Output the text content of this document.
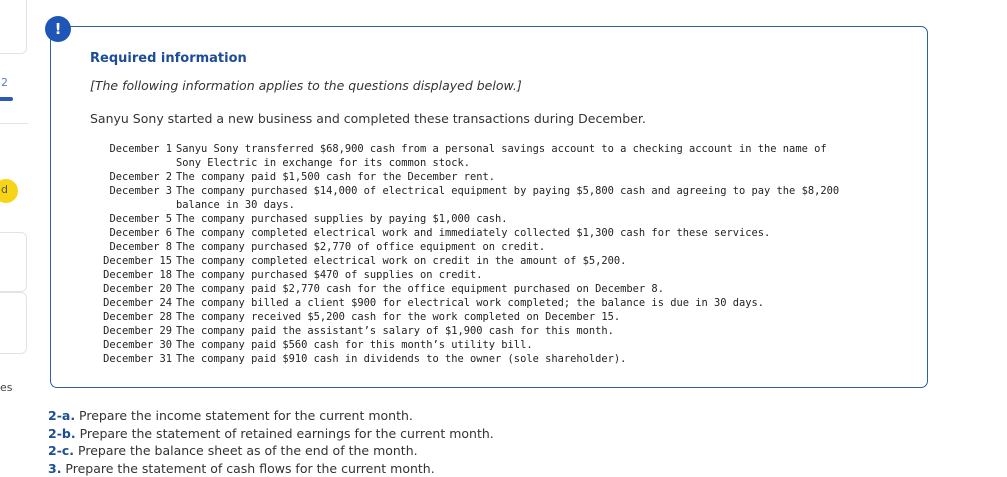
2
d
es
Required information
[The following information applies to the questions displayed below.]
Sanyu Sony started a new business and completed these transactions during December.
December 1 Sanyu Sony transferred $68,900 cash from a personal savings account to a checking account in the name of
Sony Electric in exchange for its common stock.
December 2 The company paid $1,500 cash for the December rent.
December 3 The company purchased $14,000 of electrical equipment by paying $5,800 cash and agreeing to pay the $8,200
balance in 30 days.
December 5 The company purchased supplies by paying $1,000 cash.
December 6 The company completed electrical work and immediately collected $1,300 cash for these services.
December 8 The company purchased $2,770 of office equipment on credit.
December 15 The company completed electrical work on credit in the amount of $5,200.
December 18 The company purchased $470 of supplies on credit.
December 20 The company paid $2,770 cash for the office equipment purchased on December 8.
December 24 The company billed a client $900 for electrical work completed; the balance is due in 30 days.
December 28 The company received $5,200 cash for the work completed on December 15.
December 29 The company paid the assistant’s salary of $1,900 cash for this month.
December 30 The company paid $560 cash for this month’s utility bill.
December 31 The company paid $910 cash in dividends to the owner (sole shareholder).
!
2-a. Prepare the income statement for the current month.
2-b. Prepare the statement of retained earnings for the current month.
2-c. Prepare the balance sheet as of the end of the month.
3. Prepare the statement of cash flows for the current month.
